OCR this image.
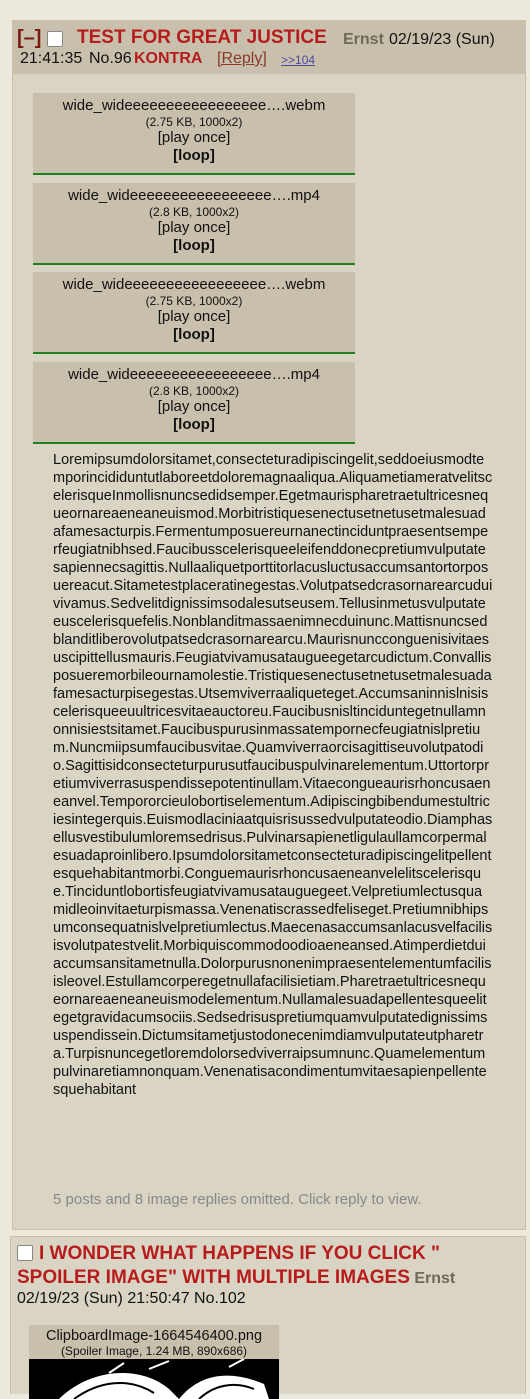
[–] TEST FOR GREAT JUSTICE Ernst 02/19/23 (Sun)
21:41:35 No.96 KONTRA [Reply] >>104
wide_wideeeeeeeeeeeeeeeee….webm
(2.75 KB, 1000x2)
[play once]
[loop]
wide_wideeeeeeeeeeeeeeeee….mp4
(2.8 KB, 1000x2)
[play once]
[loop]
wide_wideeeeeeeeeeeeeeeee….webm
(2.75 KB, 1000x2)
[play once]
[loop]
wide_wideeeeeeeeeeeeeeeee….mp4
(2.8 KB, 1000x2)
[play once]
[loop]
Loremipsumdolorsitamet,consecteturadipiscingelit,seddoeiusmodtemporincididuntutlaboreetdoloremagnaaliqua.AliquametiameratvelitscelerisqueInmollisnuncsedidsemper.Egetmaurispharetraetultricesnequeornareaeneaneuismod.Morbitristiquesenectusetnetusetmalesuadafamesacturpis.Fermentumposuereurnanectinciduntpraesentsemperfeugiatnibhsed.Faucibusscelerisqueeleifenddonecpretiumvulputatesapiennecsagittis.Nullaaliquetporttitorlacusluctusaccumsantortorposuereacut.Sitametestplaceratinegestas.Volutpatsedcrasornarearcuduivivamus.Sedvelitdignissimsodalesutseusem.Tellusinmetusvulputateeuscelerisquefelis.Nonblanditmassaenimnecduinunc.Mattisnuncsedblanditliberovolutpatsedcrasornarearcu.Maurisnuncconguenisivitaesuscipittellusmauris.Feugiatvivamusataugueegetarcudictum.Convallisposueremorbileournamolestie.Tristiquesenectusetnetusetmalesuadafamesacturpisegestas.Utsemviverraaliqueteget.Accumsaninnislnisiscelerisqueeuultricesvitaeauctoreu.Faucibusnisltinciduntegetnullamnonnisiestsitamet.Faucibuspurusinmassatempornecfeugiatnislpretium.Nuncmiipsumfaucibusvitae.Quamviverraorcisagittiseuvolutpatodio.Sagittisidconsecteturpurusutfaucibuspulvinarelementum.Uttortorpretiumviverrasuspendissepotentinullam.Vitaecongueaurisrhoncusaeneanvel.Tempororcieulobortiselementum.Adipiscingbibendumestultriciesintegerquis.Euismodlaciniaatquisrisussedvulputateodio.Diamphasellusvestibulumloremsedrisus.Pulvinarsapienetligulaullamcorpermalesuadaproinlibero.Ipsumdolorsitametconsecteturadipiscingelitpellentesquehabitantmorbi.Conguemaurisrhoncusaeneanvelelitscelerisque.Tinciduntlobortisfeugiatvivamusatauguegeet.Velpretiumlectusquamidleoinvitaeturpismassa.Venenatiscrassedfeliseget.Pretiumnibhipsumconsequatnislvelpretiumlectus.Maecenasaccumsanlacusvelfacilisisvolutpatestvelit.Morbiquiscommodoodioaeneansed.Atimperdietduiaccumsansitametnulla.Dolorpurusnonenimpraesentelementumfacilisisleovel.Estullamcorperegetnullafacilisietiam.Pharetraetultricesnequeornareaeneaneuismodelementum.Nullamalesuadapellentesqueelitegetgravidacumsociis.Sedsedrisuspretiumquamvulputatedignissimsuspendissein.Dictumsitametjustodonecenimdiamvulputateutpharetra.Turpisnuncegetloremdolorsedviverraipsumnunc.Quamelementumpulvinaretiamnonquam.Venenatisacondimentumvitaesapienpellentesquehabitant
5 posts and 8 image replies omitted. Click reply to view.
I WONDER WHAT HAPPENS IF YOU CLICK " SPOILER IMAGE" WITH MULTIPLE IMAGES Ernst
02/19/23 (Sun) 21:50:47 No.102
ClipboardImage-1664546400.png
(Spoiler Image, 1.24 MB, 890x686)
